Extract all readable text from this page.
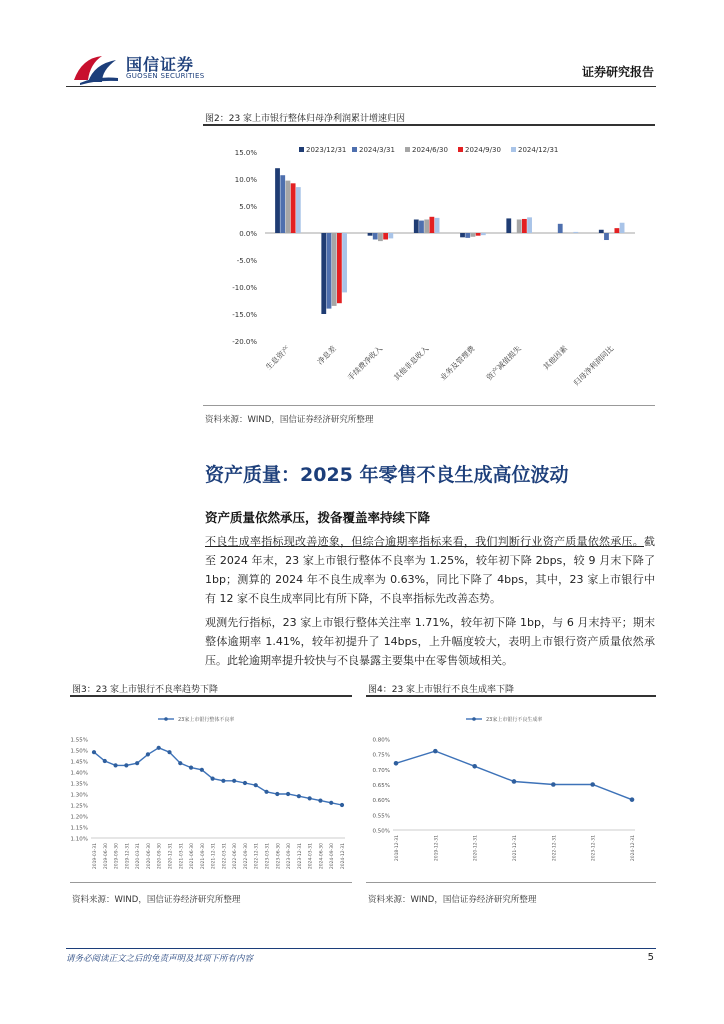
国信证券
GUOSEN SECURITIES	证券研究报告
图2：23 家上市银行整体归母净利润累计增速归因
15.0%
10.0%
5.0%
0.0%
-5.0%
-10.0%
-15.0%
-20.0%
生息资产	净息差 手续费净收入 其他非息收入 业务及管理费 资产减值损失 其他因素 归母净利润同比
2023/12/31 2024/3/31 2024/6/30 2024/9/30 2024/12/31
资料来源：WIND，国信证券经济研究所整理
资产质量：2025 年零售不良生成高位波动
资产质量依然承压，拨备覆盖率持续下降

不良生成率指标现改善迹象，但综合逾期率指标来看，我们判断行业资产质量依然承压。截至 2024 年末，23 家上市银行整体不良率为 1.25%，较年初下降 2bps，较 9 月末下降了 1bp；测算的 2024 年不良生成率为 0.63%，同比下降了 4bps，其中，23 家上市银行中有 12 家不良生成率同比有所下降，不良率指标先改善态势。

观测先行指标，23 家上市银行整体关注率 1.71%，较年初下降 1bp，与 6 月末持平；期末整体逾期率 1.41%，较年初提升了 14bps，上升幅度较大，表明上市银行资产质量依然承压。此轮逾期率提升较快与不良暴露主要集中在零售领域相关。

图3：23 家上市银行不良率趋势下降
1.55%
1.50%
1.45%
1.40%
1.35%
1.30%
1.25%
1.20%
1.15%
1.10%
2019-03-31 2019-06-30 2019-09-30 2019-12-31 2020-03-31 2020-06-30 2020-09-30 2020-12-31 2021-03-31 2021-06-30 2021-09-30 2021-12-31 2022-03-31 2022-06-30 2022-09-30 2022-12-31 2023-03-31 2023-06-30 2023-09-30 2023-12-31 2024-03-31 2024-06-30 2024-09-30 2024-12-31
23家上市银行整体不良率
资料来源：WIND，国信证券经济研究所整理
图4：23 家上市银行不良生成率下降
0.80%
0.75%
0.70%
0.65%
0.60%
0.55%
0.50%
2018-12-31	2019-12-31	2020-12-31	2021-12-31	2022-12-31	2023-12-31	2024-12-31
23家上市银行不良生成率
资料来源：WIND，国信证券经济研究所整理
请务必阅读正文之后的免责声明及其项下所有内容	5
